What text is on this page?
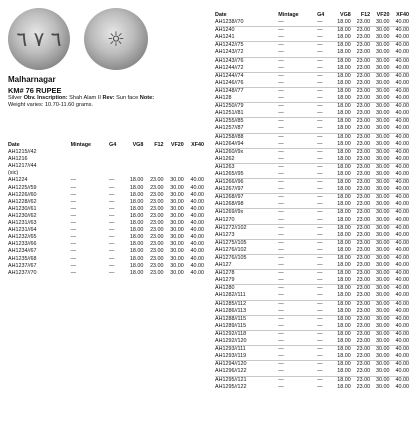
٦ ٧ ٦	☼
Malharnagar
KM# 76 RUPEE
Silver Obv. Inscription: Shah Alam II Rev: Sun face Note:
Weight varies: 10.70-11.60 grams.
Date	Mintage	G4	VG8	F12	VF20	XF40
AH1215//42						
AH1216						
AH1217//44						
(sic)						
AH1224	—	—	18.00	23.00	30.00	40.00
AH1225//59	—	—	18.00	23.00	30.00	40.00
AH1226//60	—	—	18.00	23.00	30.00	40.00
AH1228//62	—	—	18.00	23.00	30.00	40.00
AH1230//61	—	—	18.00	23.00	30.00	40.00
AH1230//62	—	—	18.00	23.00	30.00	40.00
AH1231//63	—	—	18.00	23.00	30.00	40.00
AH1231//64	—	—	18.00	23.00	30.00	40.00
AH1232//65	—	—	18.00	23.00	30.00	40.00
AH1233//66	—	—	18.00	23.00	30.00	40.00
AH1234//67	—	—	18.00	23.00	30.00	40.00
AH1235//68	—	—	18.00	23.00	30.00	40.00
AH1237//67	—	—	18.00	23.00	30.00	40.00
AH1237//70	—	—	18.00	23.00	30.00	40.00
Date	Mintage	G4	VG8	F12	VF20	XF40
AH1238//70	—	—	18.00	23.00	30.00	40.00
AH1240	—	—	18.00	23.00	30.00	40.00
AH1241	—	—	18.00	23.00	30.00	40.00
AH1242//75	—	—	18.00	23.00	30.00	40.00
AH1243//72	—	—	18.00	23.00	30.00	40.00
AH1243//76	—	—	18.00	23.00	30.00	40.00
AH1244//72	—	—	18.00	23.00	30.00	40.00
AH1244//74	—	—	18.00	23.00	30.00	40.00
AH1246//76	—	—	18.00	23.00	30.00	40.00
AH1248//77	—	—	18.00	23.00	30.00	40.00
AH128	—	—	18.00	23.00	30.00	40.00
AH1250//79	—	—	18.00	23.00	30.00	40.00
AH1251//81	—	—	18.00	23.00	30.00	40.00
AH1255//85	—	—	18.00	23.00	30.00	40.00
AH1257//87	—	—	18.00	23.00	30.00	40.00
AH1258//88	—	—	18.00	23.00	30.00	40.00
AH1264//94	—	—	18.00	23.00	30.00	40.00
AH1260//9x	—	—	18.00	23.00	30.00	40.00
AH1262	—	—	18.00	23.00	30.00	40.00
AH1263	—	—	18.00	23.00	30.00	40.00
AH1265//95	—	—	18.00	23.00	30.00	40.00
AH1266//96	—	—	18.00	23.00	30.00	40.00
AH1267//97	—	—	18.00	23.00	30.00	40.00
AH1268//97	—	—	18.00	23.00	30.00	40.00
AH1268//98	—	—	18.00	23.00	30.00	40.00
AH1269//9x	—	—	18.00	23.00	30.00	40.00
AH1270	—	—	18.00	23.00	30.00	40.00
AH1272//102	—	—	18.00	23.00	30.00	40.00
AH1273	—	—	18.00	23.00	30.00	40.00
AH1275//105	—	—	18.00	23.00	30.00	40.00
AH1276//102	—	—	18.00	23.00	30.00	40.00
AH1276//105	—	—	18.00	23.00	30.00	40.00
AH127	—	—	18.00	23.00	30.00	40.00
AH1278	—	—	18.00	23.00	30.00	40.00
AH1279	—	—	18.00	23.00	30.00	40.00
AH1280	—	—	18.00	23.00	30.00	40.00
AH1282//111	—	—	18.00	23.00	30.00	40.00
AH1285//112	—	—	18.00	23.00	30.00	40.00
AH1286//113	—	—	18.00	23.00	30.00	40.00
AH1288//115	—	—	18.00	23.00	30.00	40.00
AH1289//115	—	—	18.00	23.00	30.00	40.00
AH1292//118	—	—	18.00	23.00	30.00	40.00
AH1292//120	—	—	18.00	23.00	30.00	40.00
AH1293//111	—	—	18.00	23.00	30.00	40.00
AH1293//119	—	—	18.00	23.00	30.00	40.00
AH1294//120	—	—	18.00	23.00	30.00	40.00
AH1296//122	—	—	18.00	23.00	30.00	40.00
AH1295//121	—	—	18.00	23.00	30.00	40.00
AH1295//122	—	—	18.00	23.00	30.00	40.00
